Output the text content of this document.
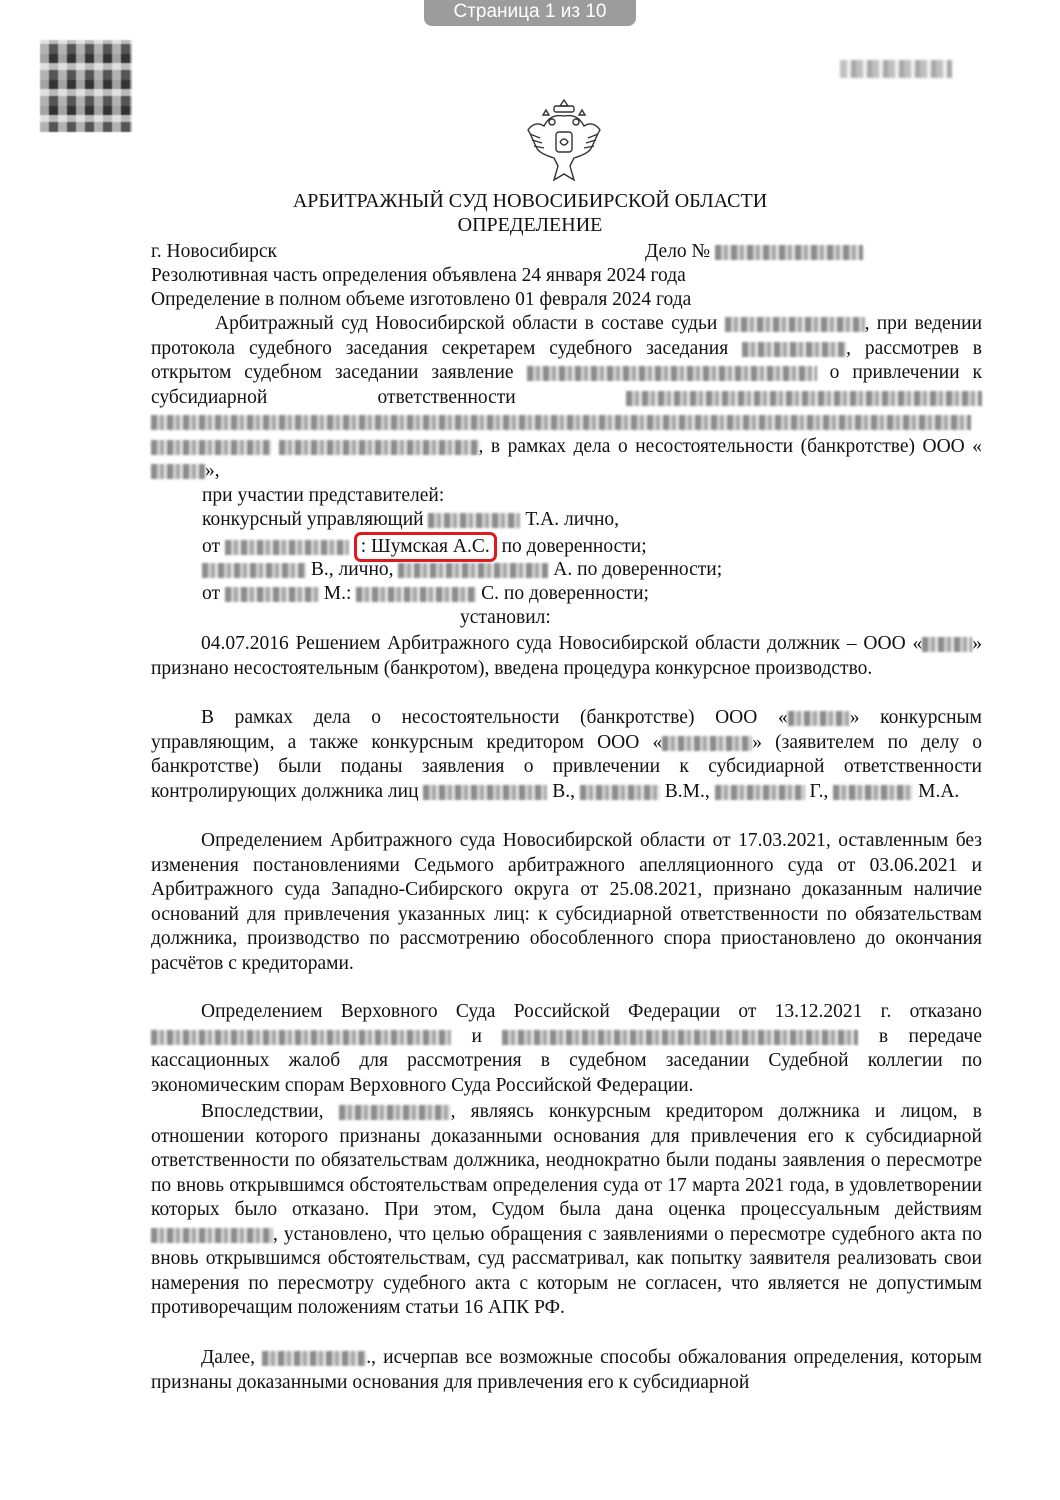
Страница 1 из 10
АРБИТРАЖНЫЙ СУД НОВОСИБИРСКОЙ ОБЛАСТИ
ОПРЕДЕЛЕНИЕ
г. Новосибирск	Дело №
Резолютивная часть определения объявлена 24 января 2024 года
Определение в полном объеме изготовлено 01 февраля 2024 года

Арбитражный суд Новосибирской области в составе судьи	, при ведении протокола судебного заседания секретарем судебного заседания	, рассмотрев в открытом судебном заседании заявление	о привлечении к субсидиарной ответственности    , в рамках дела о несостоятельности (банкротстве) ООО «»,

при участии представителей:
конкурсный управляющий	Т.А. лично,
от	: Шумская А.С. по доверенности;
В., лично,	А. по доверенности;
от	М.:	С. по доверенности;
установил:

04.07.2016 Решением Арбитражного суда Новосибирской области должник – ООО «	» признано несостоятельным (банкротом), введена процедура конкурсное производство.

В рамках дела о несостоятельности (банкротстве) ООО «	» конкурсным управляющим, а также конкурсным кредитором ООО «	» (заявителем по делу о банкротстве) были поданы заявления о привлечении к субсидиарной ответственности контролирующих должника лиц	В.,	В.М.,	Г.,	М.А.

Определением Арбитражного суда Новосибирской области от 17.03.2021, оставленным без изменения постановлениями Седьмого арбитражного апелляционного суда от 03.06.2021 и Арбитражного суда Западно-Сибирского округа от 25.08.2021, признано доказанным наличие оснований для привлечения указанных лиц: к субсидиарной ответственности по обязательствам должника, производство по рассмотрению обособленного спора приостановлено до окончания расчётов с кредиторами.

Определением Верховного Суда Российской Федерации от 13.12.2021 г. отказано  и	в передаче кассационных жалоб для рассмотрения в судебном заседании Судебной коллегии по экономическим спорам Верховного Суда Российской Федерации.

Впоследствии,	, являясь конкурсным кредитором должника и лицом, в отношении которого признаны доказанными основания для привлечения его к субсидиарной ответственности по обязательствам должника, неоднократно были поданы заявления о пересмотре по вновь открывшимся обстоятельствам определения суда от 17 марта 2021 года, в удовлетворении которых было отказано. При этом, Судом была дана оценка процессуальным действиям , установлено, что целью обращения с заявлениями о пересмотре судебного акта по вновь открывшимся обстоятельствам, суд рассматривал, как попытку заявителя реализовать свои намерения по пересмотру судебного акта с которым не согласен, что является не допустимым противоречащим положениям статьи 16 АПК РФ.

Далее,	., исчерпав все возможные способы обжалования определения, которым признаны доказанными основания для привлечения его к субсидиарной
